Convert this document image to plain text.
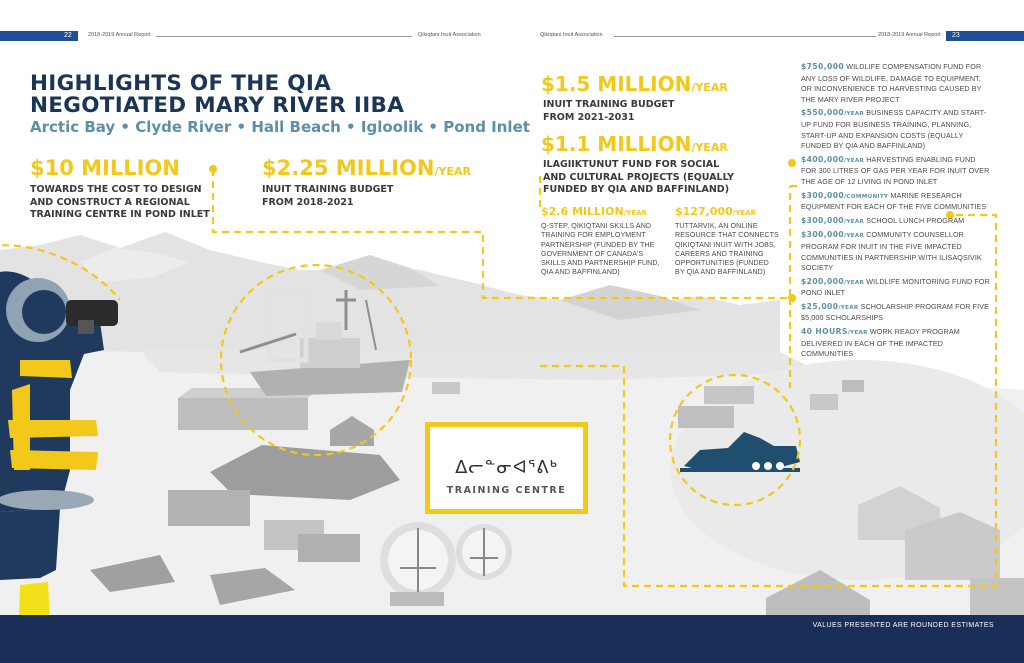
22	2018-2019 Annual Report	Qikiqtani Inuit Association	Qikiqtani Inuit Association	2018-2019 Annual Report 23
HIGHLIGHTS OF THE QIA
NEGOTIATED MARY RIVER IIBA
Arctic Bay • Clyde River • Hall Beach • Igloolik • Pond Inlet
$10 MILLION
TOWARDS THE COST TO DESIGN
AND CONSTRUCT A REGIONAL
TRAINING CENTRE IN POND INLET
$2.25 MILLION/YEAR
INUIT TRAINING BUDGET
FROM 2018-2021
$1.5 MILLION/YEAR
INUIT TRAINING BUDGET
FROM 2021-2031
$1.1 MILLION/YEAR
ILAGIIKTUNUT FUND FOR SOCIAL
AND CULTURAL PROJECTS (EQUALLY
FUNDED BY QIA AND BAFFINLAND)
$2.6 MILLION/YEAR
Q-STEP, QIKIQTANI SKILLS AND
TRAINING FOR EMPLOYMENT
PARTNERSHIP (FUNDED BY THE
GOVERNMENT OF CANADA'S
SKILLS AND PARTNERSHIP FUND,
QIA AND BAFFINLAND)
$127,000/YEAR
TUTTARVIK, AN ONLINE
RESOURCE THAT CONNECTS
QIKIQTANI INUIT WITH JOBS,
CAREERS AND TRAINING
OPPORTUNITIES (FUNDED
BY QIA AND BAFFINLAND)
$750,000 WILDLIFE COMPENSATION FUND FOR ANY LOSS OF WILDLIFE, DAMAGE TO EQUIPMENT, OR INCONVENIENCE TO HARVESTING CAUSED BY THE MARY RIVER PROJECT
$550,000/YEAR BUSINESS CAPACITY AND START-UP FUND FOR BUSINESS TRAINING, PLANNING, START-UP AND EXPANSION COSTS (EQUALLY FUNDED BY QIA AND BAFFINLAND)
$400,000/YEAR HARVESTING ENABLING FUND FOR 300 LITRES OF GAS PER YEAR FOR INUIT OVER THE AGE OF 12 LIVING IN POND INLET
$300,000/COMMUNITY MARINE RESEARCH EQUIPMENT FOR EACH OF THE FIVE COMMUNITIES
$300,000/YEAR SCHOOL LUNCH PROGRAM
$300,000/YEAR COMMUNITY COUNSELLOR PROGRAM FOR INUIT IN THE FIVE IMPACTED COMMUNITIES IN PARTNERSHIP WITH ILISAQSIVIK SOCIETY
$200,000/YEAR WILDLIFE MONITORING FUND FOR POND INLET
$25,000/YEAR SCHOLARSHIP PROGRAM FOR FIVE $5,000 SCHOLARSHIPS
40 HOURS/YEAR WORK READY PROGRAM DELIVERED IN EACH OF THE IMPACTED COMMUNITIES
ᐃᓕᓐᓂᐊᕐᕕᒃ
TRAINING CENTRE
VALUES PRESENTED ARE ROUNDED ESTIMATES
